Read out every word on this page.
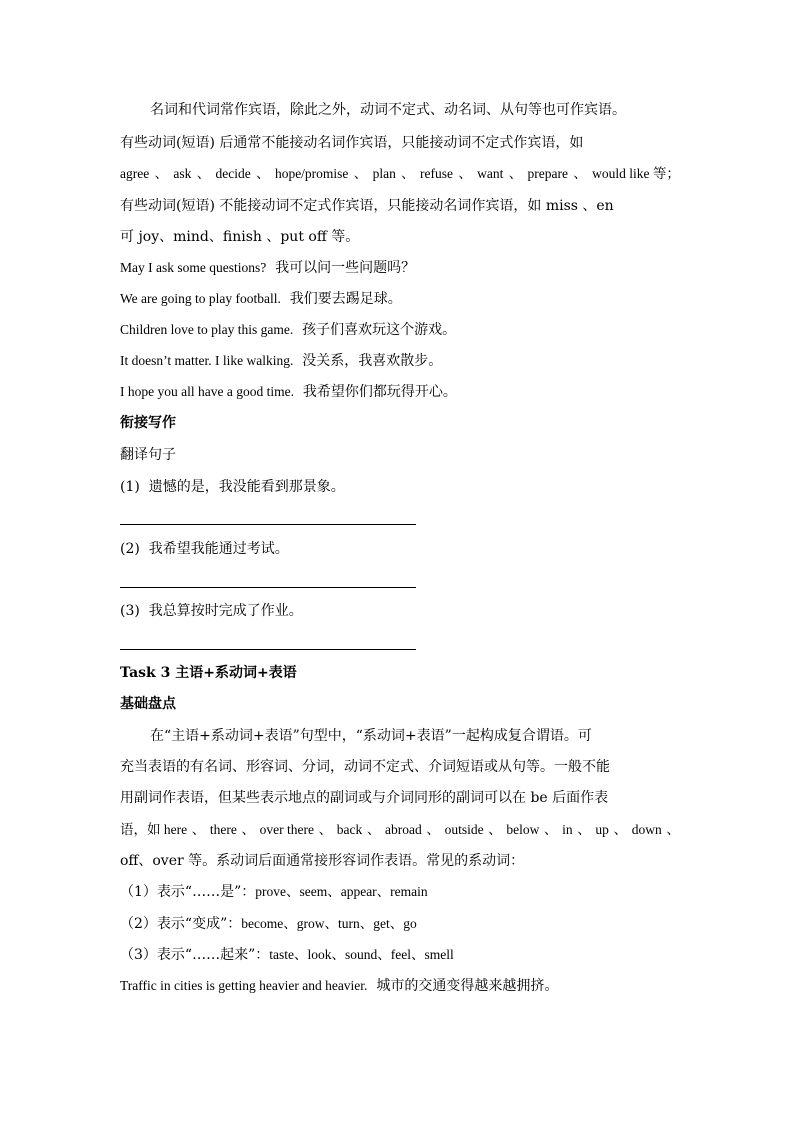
名词和代词常作宾语，除此之外，动词不定式、动名词、从句等也可作宾语。
有些动词(短语) 后通常不能接动名词作宾语，只能接动词不定式作宾语，如
agree 、 ask 、 decide 、 hope/promise 、 plan 、 refuse 、 want 、 prepare 、 would like 等；
有些动词(短语) 不能接动词不定式作宾语，只能接动名词作宾语，如 miss 、en
可 joy、mind、finish 、put off 等。
May I ask some questions? 我可以问一些问题吗？
We are going to play football. 我们要去踢足球。
Children love to play this game. 孩子们喜欢玩这个游戏。
It doesn’t matter. I like walking. 没关系，我喜欢散步。
I hope you all have a good time. 我希望你们都玩得开心。
衔接写作
翻译句子
(1) 遗憾的是，我没能看到那景象。
(2) 我希望我能通过考试。
(3) 我总算按时完成了作业。
Task 3 主语+系动词+表语
基础盘点
在“主语+系动词+表语”句型中，“系动词+表语”一起构成复合谓语。可
充当表语的有名词、形容词、分词，动词不定式、介词短语或从句等。一般不能
用副词作表语，但某些表示地点的副词或与介词同形的副词可以在 be 后面作表
语，如 here 、 there 、 over there 、 back 、 abroad 、 outside 、 below 、 in 、 up 、 down 、
off、over 等。系动词后面通常接形容词作表语。常见的系动词：
（1）表示“……是”：prove、seem、appear、remain
（2）表示“变成”：become、grow、turn、get、go
（3）表示“……起来”：taste、look、sound、feel、smell
Traffic in cities is getting heavier and heavier. 城市的交通变得越来越拥挤。
